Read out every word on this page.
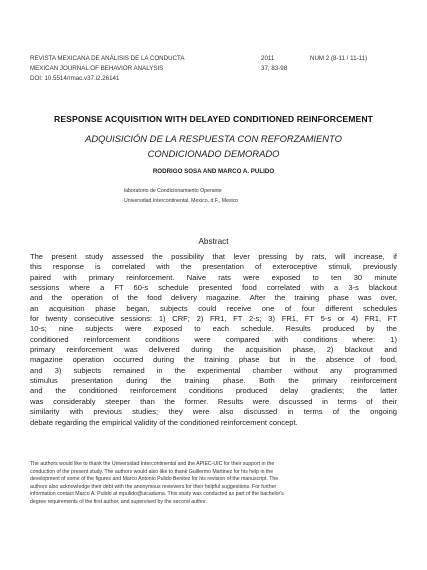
REVISTA MEXICANA DE ANÁLISIS DE LA CONDUCTA	2011	NUM 2 (8-11 / 11-11)
MEXICAN JOURNAL OF BEHAVIOR ANALYSIS	37, 83-98
DOI: 10.5514/rmac.v37.i2.26141
RESPONSE ACQUISITION WITH DELAYED CONDITIONED REINFORCEMENT
ADQUISICIÓN DE LA RESPUESTA CON REFORZAMIENTO
CONDICIONADO DEMORADO
RODRIGO SOSA AND MARCO A. PULIDO
laboratorio de Condicionamiento Operante
Universidad Intercontinental, Mexico, d.F., Mexico
Abstract
The present study assessed the possibility that lever pressing by rats, will increase, if
this response is correlated with the presentation of exteroceptive stimuli, previously
paired with primary reinforcement. Naive rats were exposed to ten 30 minute
sessions where a FT 60-s schedule presented food correlated with a 3-s blackout
and the operation of the food delivery magazine. After the training phase was over,
an acquisition phase began, subjects could receive one of four different schedules
for twenty consecutive sessions: 1) CRF; 2) FR1, FT 2-s; 3) FR1, FT 5-s or 4) FR1, FT
10-s; nine subjects were exposed to each schedule. Results produced by the
conditioned reinforcement conditions were compared with conditions where: 1)
primary reinforcement was delivered during the acquisition phase, 2) blackout and
magazine operation occurred during the training phase but in the absence of food,
and 3) subjects remained in the experimental chamber without any programmed
stimulus presentation during the training phase. Both the primary reinforcement
and the conditioned reinforcement conditions produced delay gradients; the latter
was considerably steeper than the former. Results were discussed in terms of their
similarity with previous studies; they were also discussed in terms of the ongoing
debate regarding the empirical validity of the conditioned reinforcement concept.
The authors would like to thank the Universidad Intercontinental and the APIEC-UIC for their support in the
conduction of the present study. The authors would also like to thank Guillermo Martinez for his help in the
development of some of the figures and Marco Antonio Pulido Benitez for his revision of the manuscript. The
authors also acknowledge their debt with the anonymous reviewers for their helpful suggestions. For further
information contact Marco A. Pulido at mpulido@uicaduma. This study was conducted as part of the bachelor's
degree requirements of the first author, and supervised by the second author.
